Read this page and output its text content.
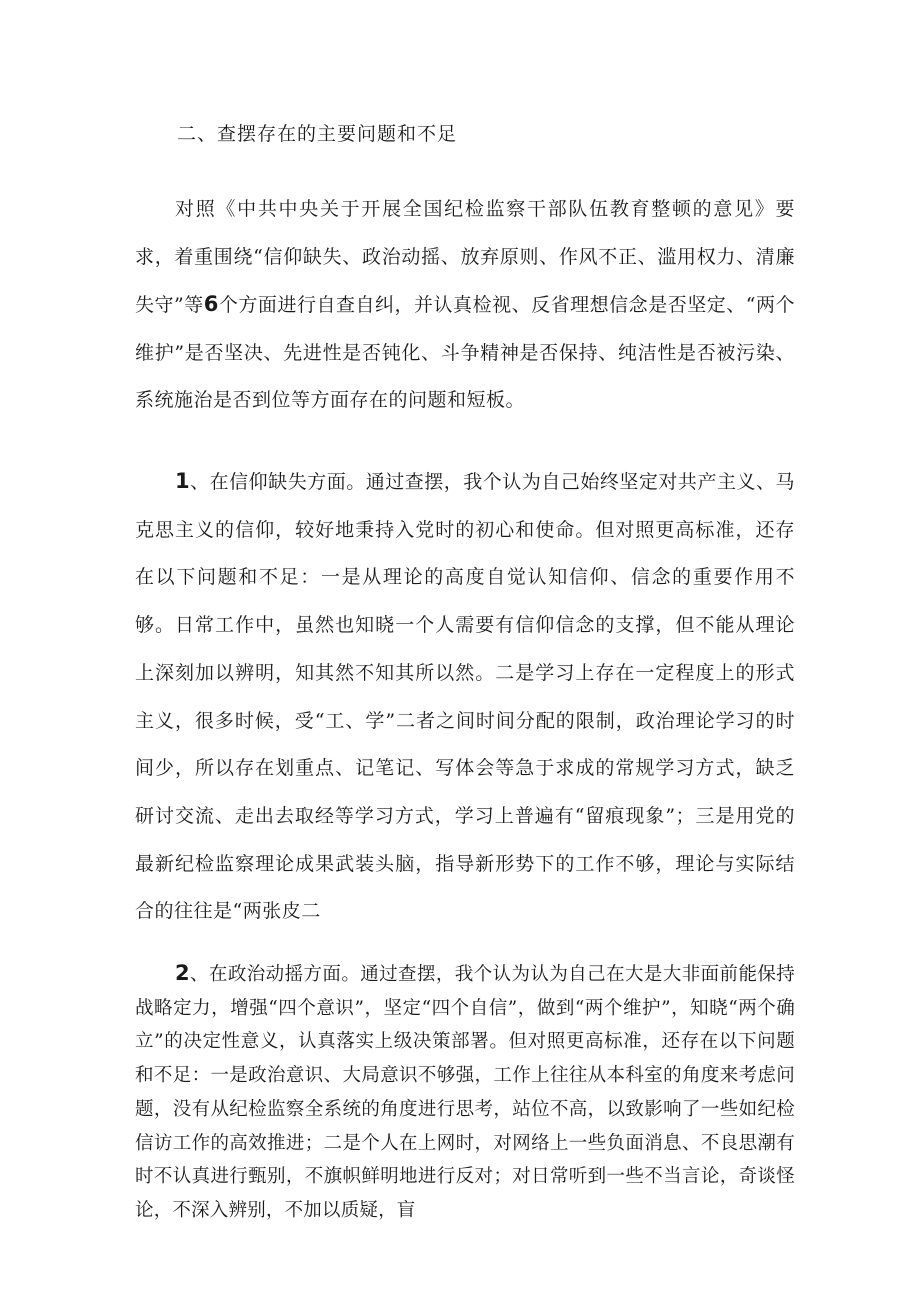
二、查摆存在的主要问题和不足

对照《中共中央关于开展全国纪检监察干部队伍教育整顿的意见》要求，着重围绕“信仰缺失、政治动摇、放弃原则、作风不正、滥用权力、清廉失守”等6个方面进行自查自纠，并认真检视、反省理想信念是否坚定、“两个维护”是否坚决、先进性是否钝化、斗争精神是否保持、纯洁性是否被污染、系统施治是否到位等方面存在的问题和短板。

1、在信仰缺失方面。通过查摆，我个认为自己始终坚定对共产主义、马克思主义的信仰，较好地秉持入党时的初心和使命。但对照更高标准，还存在以下问题和不足：一是从理论的高度自觉认知信仰、信念的重要作用不够。日常工作中，虽然也知晓一个人需要有信仰信念的支撑，但不能从理论上深刻加以辨明，知其然不知其所以然。二是学习上存在一定程度上的形式主义，很多时候，受“工、学”二者之间时间分配的限制，政治理论学习的时间少，所以存在划重点、记笔记、写体会等急于求成的常规学习方式，缺乏研讨交流、走出去取经等学习方式，学习上普遍有“留痕现象”；三是用党的最新纪检监察理论成果武装头脑，指导新形势下的工作不够，理论与实际结合的往往是“两张皮二

2、在政治动摇方面。通过查摆，我个认为认为自己在大是大非面前能保持战略定力，增强“四个意识”，坚定“四个自信”，做到“两个维护”，知晓“两个确立”的决定性意义，认真落实上级决策部署。但对照更高标准，还存在以下问题和不足：一是政治意识、大局意识不够强，工作上往往从本科室的角度来考虑问题，没有从纪检监察全系统的角度进行思考，站位不高，以致影响了一些如纪检信访工作的高效推进；二是个人在上网时，对网络上一些负面消息、不良思潮有时不认真进行甄别，不旗帜鲜明地进行反对；对日常听到一些不当言论，奇谈怪论，不深入辨别，不加以质疑，盲
